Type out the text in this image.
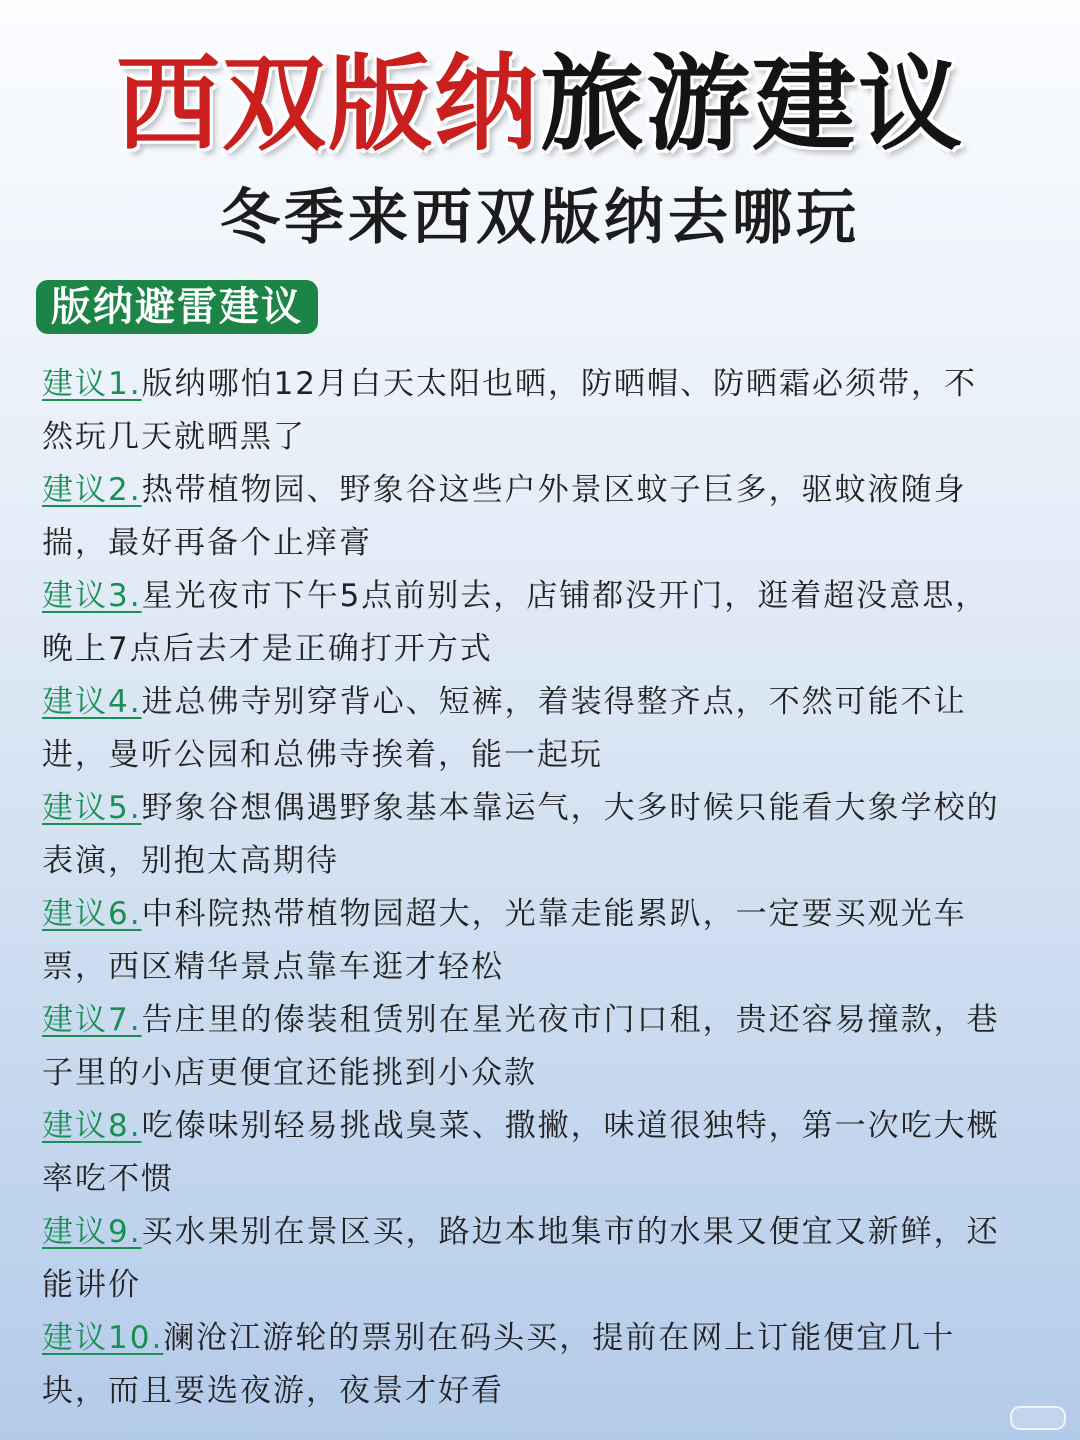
西双版纳旅游建议
冬季来西双版纳去哪玩
版纳避雷建议
建议1.版纳哪怕12月白天太阳也晒，防晒帽、防晒霜必须带，不然玩几天就晒黑了
建议2.热带植物园、野象谷这些户外景区蚊子巨多，驱蚊液随身揣，最好再备个止痒膏
建议3.星光夜市下午5点前别去，店铺都没开门，逛着超没意思，晚上7点后去才是正确打开方式
建议4.进总佛寺别穿背心、短裤，着装得整齐点，不然可能不让进，曼听公园和总佛寺挨着，能一起玩
建议5.野象谷想偶遇野象基本靠运气，大多时候只能看大象学校的表演，别抱太高期待
建议6.中科院热带植物园超大，光靠走能累趴，一定要买观光车票，西区精华景点靠车逛才轻松
建议7.告庄里的傣装租赁别在星光夜市门口租，贵还容易撞款，巷子里的小店更便宜还能挑到小众款
建议8.吃傣味别轻易挑战臭菜、撒撇，味道很独特，第一次吃大概率吃不惯
建议9.买水果别在景区买，路边本地集市的水果又便宜又新鲜，还能讲价
建议10.澜沧江游轮的票别在码头买，提前在网上订能便宜几十块，而且要选夜游，夜景才好看
